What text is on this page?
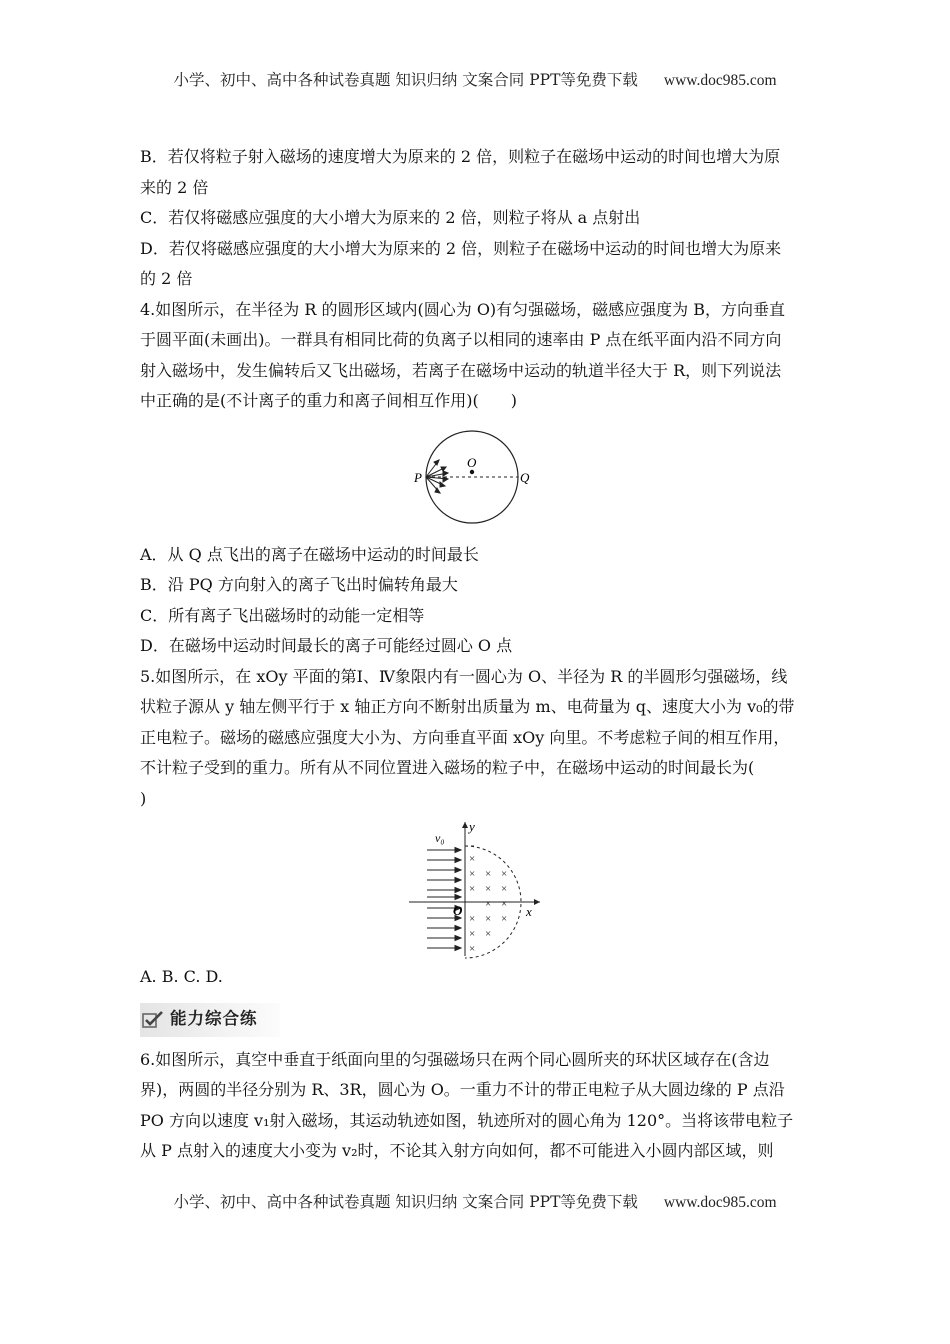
小学、初中、高中各种试卷真题 知识归纳 文案合同 PPT等免费下载 www.doc985.com

B．若仅将粒子射入磁场的速度增大为原来的 2 倍，则粒子在磁场中运动的时间也增大为原

来的 2 倍

C．若仅将磁感应强度的大小增大为原来的 2 倍，则粒子将从 a 点射出

D．若仅将磁感应强度的大小增大为原来的 2 倍，则粒子在磁场中运动的时间也增大为原来

的 2 倍

4.如图所示，在半径为 R 的圆形区域内(圆心为 O)有匀强磁场，磁感应强度为 B，方向垂直

于圆平面(未画出)。一群具有相同比荷的负离子以相同的速率由 P 点在纸平面内沿不同方向

射入磁场中，发生偏转后又飞出磁场，若离子在磁场中运动的轨道半径大于 R，则下列说法

中正确的是(不计离子的重力和离子间相互作用)(　　)

P
O
Q

A．从 Q 点飞出的离子在磁场中运动的时间最长

B．沿 PQ 方向射入的离子飞出时偏转角最大

C．所有离子飞出磁场时的动能一定相等

D．在磁场中运动时间最长的离子可能经过圆心 O 点

5.如图所示，在 xOy 平面的第Ⅰ、Ⅳ象限内有一圆心为 O、半径为 R 的半圆形匀强磁场，线

状粒子源从 y 轴左侧平行于 x 轴正方向不断射出质量为 m、电荷量为 q、速度大小为 v₀的带

正电粒子。磁场的磁感应强度大小为、方向垂直平面 xOy 向里。不考虑粒子间的相互作用，

不计粒子受到的重力。所有从不同位置进入磁场的粒子中，在磁场中运动的时间最长为(

)

×
× × ×
× × ×
× ×
× × ×
× ×
×
y
x
O
v₀

A. B. C. D.

能力综合练

6.如图所示，真空中垂直于纸面向里的匀强磁场只在两个同心圆所夹的环状区域存在(含边

界)，两圆的半径分别为 R、3R，圆心为 O。一重力不计的带正电粒子从大圆边缘的 P 点沿

PO 方向以速度 v₁射入磁场，其运动轨迹如图，轨迹所对的圆心角为 120°。当将该带电粒子

从 P 点射入的速度大小变为 v₂时，不论其入射方向如何，都不可能进入小圆内部区域，则

小学、初中、高中各种试卷真题 知识归纳 文案合同 PPT等免费下载 www.doc985.com
